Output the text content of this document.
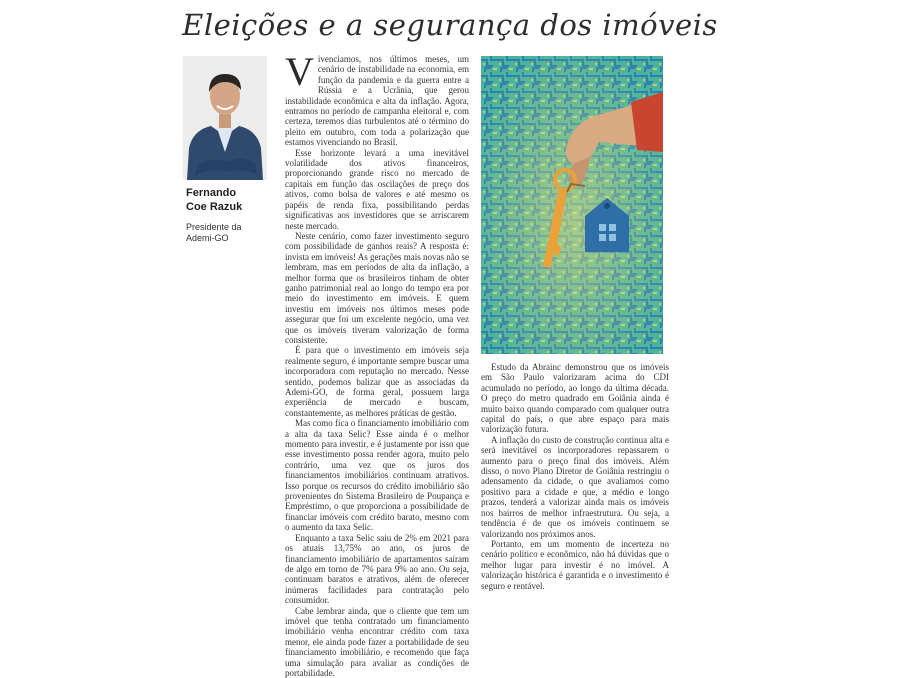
Eleições e a segurança dos imóveis
Fernando
Coe Razuk
Presidente da
Ademi-GO

Vivenciamos, nos últimos meses, um cenário de instabilidade na economia, em função da pandemia e da guerra entre a Rússia e a Ucrânia, que gerou instabilidade econômica e alta da inflação. Agora, entramos no período de campanha eleitoral e, com certeza, teremos dias turbulentos até o término do pleito em outubro, com toda a polarização que estamos vivenciando no Brasil.

Esse horizonte levará a uma inevitável volatilidade dos ativos financeiros, proporcionando grande risco no mercado de capitais em função das oscilações de preço dos ativos, como bolsa de valores e até mesmo os papéis de renda fixa, possibilitando perdas significativas aos investidores que se arriscarem neste mercado.

Neste cenário, como fazer investimento seguro com possibilidade de ganhos reais? A resposta é: invista em imóveis! As gerações mais novas não se lembram, mas em períodos de alta da inflação, a melhor forma que os brasileiros tinham de obter ganho patrimonial real ao longo do tempo era por meio do investimento em imóveis. E quem investiu em imóveis nos últimos meses pode assegurar que foi um excelente negócio, uma vez que os imóveis tiveram valorização de forma consistente.

É para que o investimento em imóveis seja realmente seguro, é importante sempre buscar uma incorporadora com reputação no mercado. Nesse sentido, podemos balizar que as associadas da Ademi-GO, de forma geral, possuem larga experiência de mercado e buscam, constantemente, as melhores práticas de gestão.

Mas como fica o financiamento imobiliário com a alta da taxa Selic? Esse ainda é o melhor momento para investir, e é justamente por isso que esse investimento possa render agora, muito pelo contrário, uma vez que os juros dos financiamentos imobiliários continuam atrativos. Isso porque os recursos do crédito imobiliário são provenientes do Sistema Brasileiro de Poupança e Empréstimo, o que proporciona a possibilidade de financiar imóveis com crédito barato, mesmo com o aumento da taxa Selic.

Enquanto a taxa Selic saiu de 2% em 2021 para os atuais 13,75% ao ano, os juros de financiamento imobiliário de apartamentos saíram de algo em torno de 7% para 9% ao ano. Ou seja, continuam baratos e atrativos, além de oferecer inúmeras facilidades para contratação pelo consumidor.

Cabe lembrar ainda, que o cliente que tem um imóvel que tenha contratado um financiamento imobiliário venha encontrar crédito com taxa menor, ele ainda pode fazer a portabilidade de seu financiamento imobiliário, e recomendo que faça uma simulação para avaliar as condições de portabilidade.

Estudo da Abrainc demonstrou que os imóveis em São Paulo valorizaram acima do CDI acumulado no período, ao longo da última década. O preço do metro quadrado em Goiânia ainda é muito baixo quando comparado com qualquer outra capital do país, o que abre espaço para mais valorização futura.

A inflação do custo de construção continua alta e será inevitável os incorporadores repassarem o aumento para o preço final dos imóveis. Além disso, o novo Plano Diretor de Goiânia restringiu o adensamento da cidade, o que avaliamos como positivo para a cidade e que, a médio e longo prazos, tenderá a valorizar ainda mais os imóveis nos bairros de melhor infraestrutura. Ou seja, a tendência é de que os imóveis continuem se valorizando nos próximos anos.

Portanto, em um momento de incerteza no cenário político e econômico, não há dúvidas que o melhor lugar para investir é no imóvel. A valorização histórica é garantida e o investimento é seguro e rentável.
